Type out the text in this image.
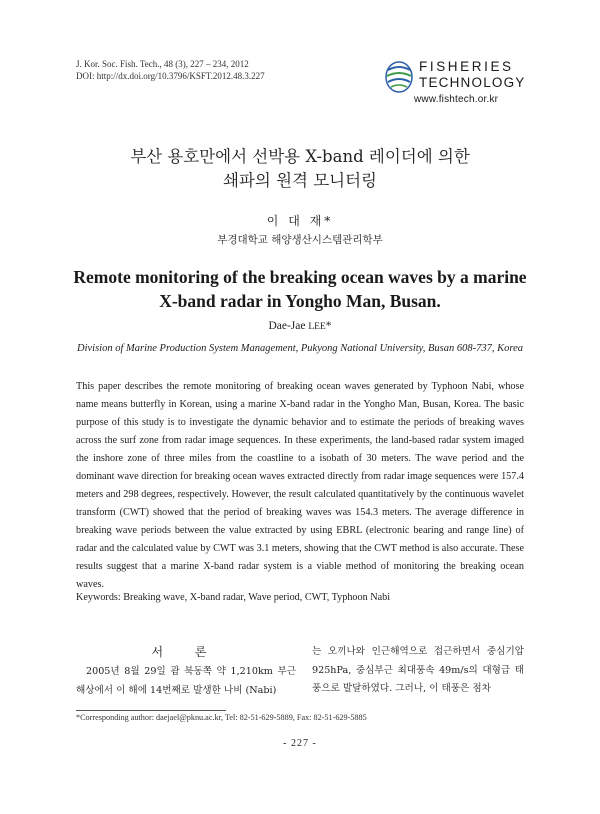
J. Kor. Soc. Fish. Tech., 48 (3), 227 – 234, 2012
DOI: http://dx.doi.org/10.3796/KSFT.2012.48.3.227
FISHERIES
TECHNOLOGY
www.fishtech.or.kr
부산 용호만에서 선박용 X-band 레이더에 의한
쇄파의 원격 모니터링
이 대 재*
부경대학교 해양생산시스템관리학부
Remote monitoring of the breaking ocean waves by a marine
X-band radar in Yongho Man, Busan.
Dae-Jae LEE*
Division of Marine Production System Management, Pukyong National University, Busan 608-737, Korea
This paper describes the remote monitoring of breaking ocean waves generated by Typhoon Nabi, whose name means butterfly in Korean, using a marine X-band radar in the Yongho Man, Busan, Korea. The basic purpose of this study is to investigate the dynamic behavior and to estimate the periods of breaking waves across the surf zone from radar image sequences. In these experiments, the land-based radar system imaged the inshore zone of three miles from the coastline to a isobath of 30 meters. The wave period and the dominant wave direction for breaking ocean waves extracted directly from radar image sequences were 157.4 meters and 298 degrees, respectively. However, the result calculated quantitatively by the continuous wavelet transform (CWT) showed that the period of breaking waves was 154.3 meters. The average difference in breaking wave periods between the value extracted by using EBRL (electronic bearing and range line) of radar and the calculated value by CWT was 3.1 meters, showing that the CWT method is also accurate. These results suggest that a marine X-band radar system is a viable method of monitoring the breaking ocean waves.
Keywords: Breaking wave, X-band radar, Wave period, CWT, Typhoon Nabi
서 론
2005년 8월 29일 괌 북동쪽 약 1,210km 부근 해상에서 이 해에 14번째로 발생한 나비 (Nabi)
는 오끼나와 인근해역으로 접근하면서 중심기압 925hPa, 중심부근 최대풍속 49m/s의 대형급 태풍으로 발달하였다. 그러나, 이 태풍은 점차
*Corresponding author: daejael@pknu.ac.kr, Tel: 82-51-629-5889, Fax: 82-51-629-5885
- 227 -
